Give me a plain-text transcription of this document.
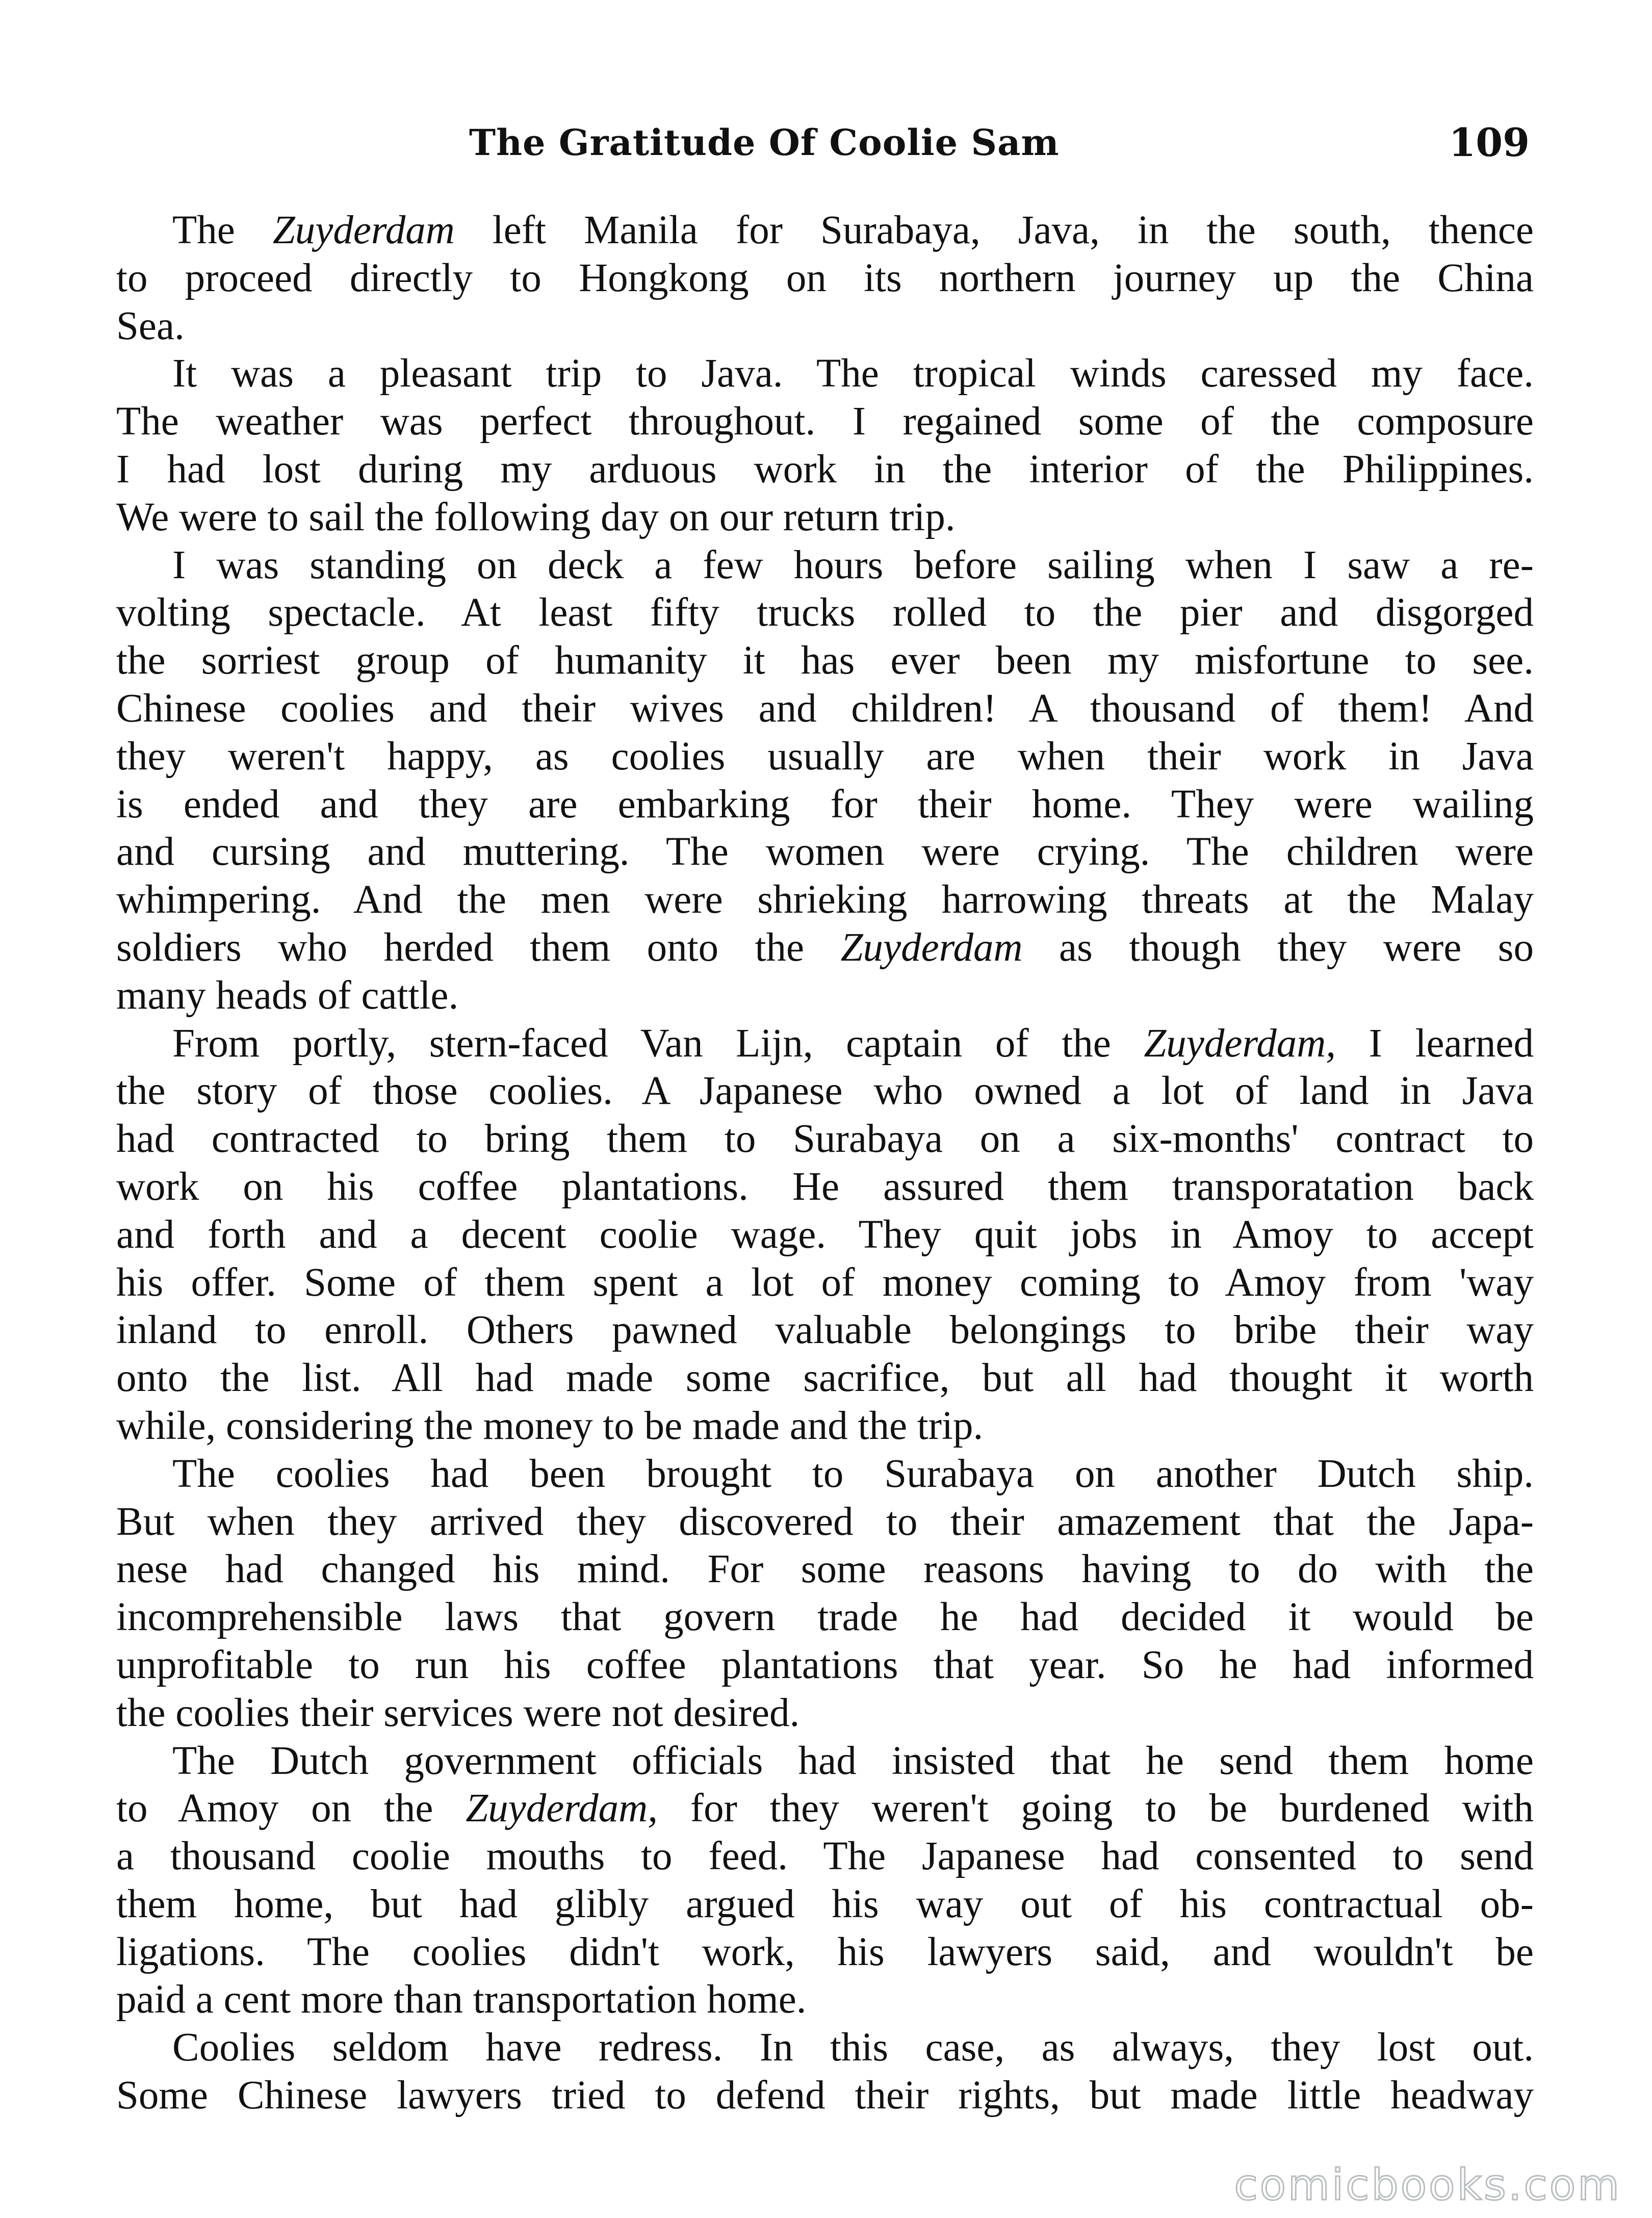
The Gratitude Of Coolie Sam	109
The Zuyderdam left Manila for Surabaya, Java, in the south, thence
to proceed directly to Hongkong on its northern journey up the China
Sea.
It was a pleasant trip to Java. The tropical winds caressed my face.
The weather was perfect throughout. I regained some of the composure
I had lost during my arduous work in the interior of the Philippines.
We were to sail the following day on our return trip.
I was standing on deck a few hours before sailing when I saw a re-
volting spectacle. At least fifty trucks rolled to the pier and disgorged
the sorriest group of humanity it has ever been my misfortune to see.
Chinese coolies and their wives and children! A thousand of them! And
they weren't happy, as coolies usually are when their work in Java
is ended and they are embarking for their home. They were wailing
and cursing and muttering. The women were crying. The children were
whimpering. And the men were shrieking harrowing threats at the Malay
soldiers who herded them onto the Zuyderdam as though they were so
many heads of cattle.
From portly, stern-faced Van Lijn, captain of the Zuyderdam, I learned
the story of those coolies. A Japanese who owned a lot of land in Java
had contracted to bring them to Surabaya on a six-months' contract to
work on his coffee plantations. He assured them transporatation back
and forth and a decent coolie wage. They quit jobs in Amoy to accept
his offer. Some of them spent a lot of money coming to Amoy from 'way
inland to enroll. Others pawned valuable belongings to bribe their way
onto the list. All had made some sacrifice, but all had thought it worth
while, considering the money to be made and the trip.
The coolies had been brought to Surabaya on another Dutch ship.
But when they arrived they discovered to their amazement that the Japa-
nese had changed his mind. For some reasons having to do with the
incomprehensible laws that govern trade he had decided it would be
unprofitable to run his coffee plantations that year. So he had informed
the coolies their services were not desired.
The Dutch government officials had insisted that he send them home
to Amoy on the Zuyderdam, for they weren't going to be burdened with
a thousand coolie mouths to feed. The Japanese had consented to send
them home, but had glibly argued his way out of his contractual ob-
ligations. The coolies didn't work, his lawyers said, and wouldn't be
paid a cent more than transportation home.
Coolies seldom have redress. In this case, as always, they lost out.
Some Chinese lawyers tried to defend their rights, but made little headway
comicbooks.com
